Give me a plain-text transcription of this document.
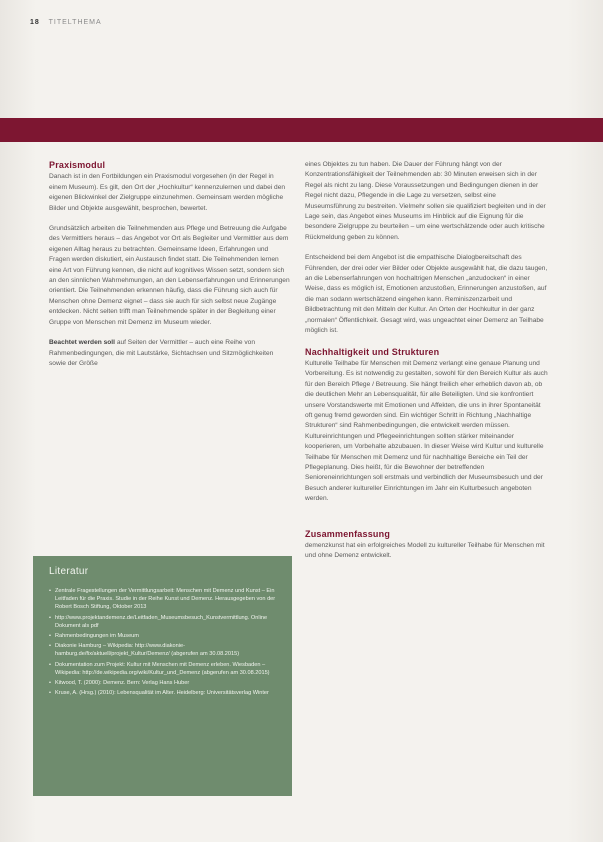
18 TITELTHEMA
Praxismodul

Danach ist in den Fortbildungen ein Praxismodul vorgesehen (in der Regel in einem Museum). Es gilt, den Ort der „Hochkultur“ kennenzulernen und dabei den eigenen Blickwinkel der Zielgruppe einzunehmen. Gemeinsam werden mögliche Bilder und Objekte ausgewählt, besprochen, bewertet.

Grundsätzlich arbeiten die Teilnehmenden aus Pflege und Betreuung die Aufgabe des Vermittlers heraus – das Angebot vor Ort als Begleiter und Vermittler aus dem eigenen Alltag heraus zu betrachten. Gemeinsame Ideen, Erfahrungen und Fragen werden diskutiert, ein Austausch findet statt. Die Teilnehmenden lernen eine Art von Führung kennen, die nicht auf kognitives Wissen setzt, sondern sich an den sinnlichen Wahrnehmungen, an den Lebenserfahrungen und Erinnerungen orientiert. Die Teilnehmenden erkennen häufig, dass die Führung sich auch für Menschen ohne Demenz eignet – dass sie auch für sich selbst neue Zugänge entdecken. Nicht selten trifft man Teilnehmende später in der Begleitung einer Gruppe von Menschen mit Demenz im Museum wieder.

Beachtet werden soll auf Seiten der Vermittler – auch eine Reihe von Rahmenbedingungen, die mit Lautstärke, Sichtachsen und Sitzmöglichkeiten sowie der Größe

Literatur
• Zentrale Fragestellungen der Vermittlungsarbeit: Menschen mit Demenz und Kunst – Ein Leitfaden für die Praxis. Studie in der Reihe Kunst und Demenz. Herausgegeben von der Robert Bosch Stiftung, Oktober 2013
• http://www.projektandemenz.de/Leitfaden_Museumsbesuch_Kunstvermittlung. Online Dokument als pdf
• Rahmenbedingungen im Museum
• Diakonie Hamburg – Wikipedia: http://www.diakonie-hamburg.de/fix/aktuell/projekt_Kultur/Demenz/ (abgerufen am 30.08.2015)
• Dokumentation zum Projekt: Kultur mit Menschen mit Demenz erleben. Wiesbaden – Wikipedia: http://de.wikipedia.org/wiki/Kultur_und_Demenz (abgerufen am 30.08.2015)
• Kitwood, T. (2000): Demenz. Bern: Verlag Hans Huber
• Kruse, A. (Hrsg.) (2010): Lebensqualität im Alter. Heidelberg: Universitätsverlag Winter

eines Objektes zu tun haben. Die Dauer der Führung hängt von der Konzentrationsfähigkeit der Teilnehmenden ab: 30 Minuten erweisen sich in der Regel als nicht zu lang. Diese Voraussetzungen und Bedingungen dienen in der Regel nicht dazu, Pflegende in die Lage zu versetzen, selbst eine Museumsführung zu bestreiten. Vielmehr sollen sie qualifiziert begleiten und in der Lage sein, das Angebot eines Museums im Hinblick auf die Eignung für die besondere Zielgruppe zu beurteilen – um eine wertschätzende oder auch kritische Rückmeldung geben zu können.

Entscheidend bei dem Angebot ist die empathische Dialogbereitschaft des Führenden, der drei oder vier Bilder oder Objekte ausgewählt hat, die dazu taugen, an die Lebenserfahrungen von hochaltrigen Menschen „anzudocken“ in einer Weise, dass es möglich ist, Emotionen anzustoßen, Erinnerungen anzustoßen, auf die man sodann wertschätzend eingehen kann. Reminiszenzarbeit und Bildbetrachtung mit den Mitteln der Kultur. An Orten der Hochkultur in der ganz „normalen“ Öffentlichkeit. Gesagt wird, was ungeachtet einer Demenz an Teilhabe möglich ist.

Nachhaltigkeit und Strukturen

Kulturelle Teilhabe für Menschen mit Demenz verlangt eine genaue Planung und Vorbereitung. Es ist notwendig zu gestalten, sowohl für den Bereich Kultur als auch für den Bereich Pflege / Betreuung. Sie hängt freilich eher erheblich davon ab, ob die deutlichen Mehr an Lebensqualität, für alle Beteiligten. Und sie konfrontiert unsere Vorstandswerte mit Emotionen und Affekten, die uns in ihrer Spontaneität oft genug fremd geworden sind. Ein wichtiger Schritt in Richtung „Nachhaltige Strukturen“ sind Rahmenbedingungen, die entwickelt werden müssen. Kultureinrichtungen und Pflegeeinrichtungen sollten stärker miteinander kooperieren, um Vorbehalte abzubauen. In dieser Weise wird Kultur und kulturelle Teilhabe für Menschen mit Demenz und für nachhaltige Bereiche ein Teil der Pflegeplanung. Dies heißt, für die Bewohner der betreffenden Senioreneinrichtungen soll erstmals und verbindlich der Museumsbesuch und der Besuch anderer kultureller Einrichtungen im Jahr ein Kulturbesuch angeboten werden.

Zusammenfassung

demenzkunst hat ein erfolgreiches Modell zu kultureller Teilhabe für Menschen mit und ohne Demenz entwickelt.
